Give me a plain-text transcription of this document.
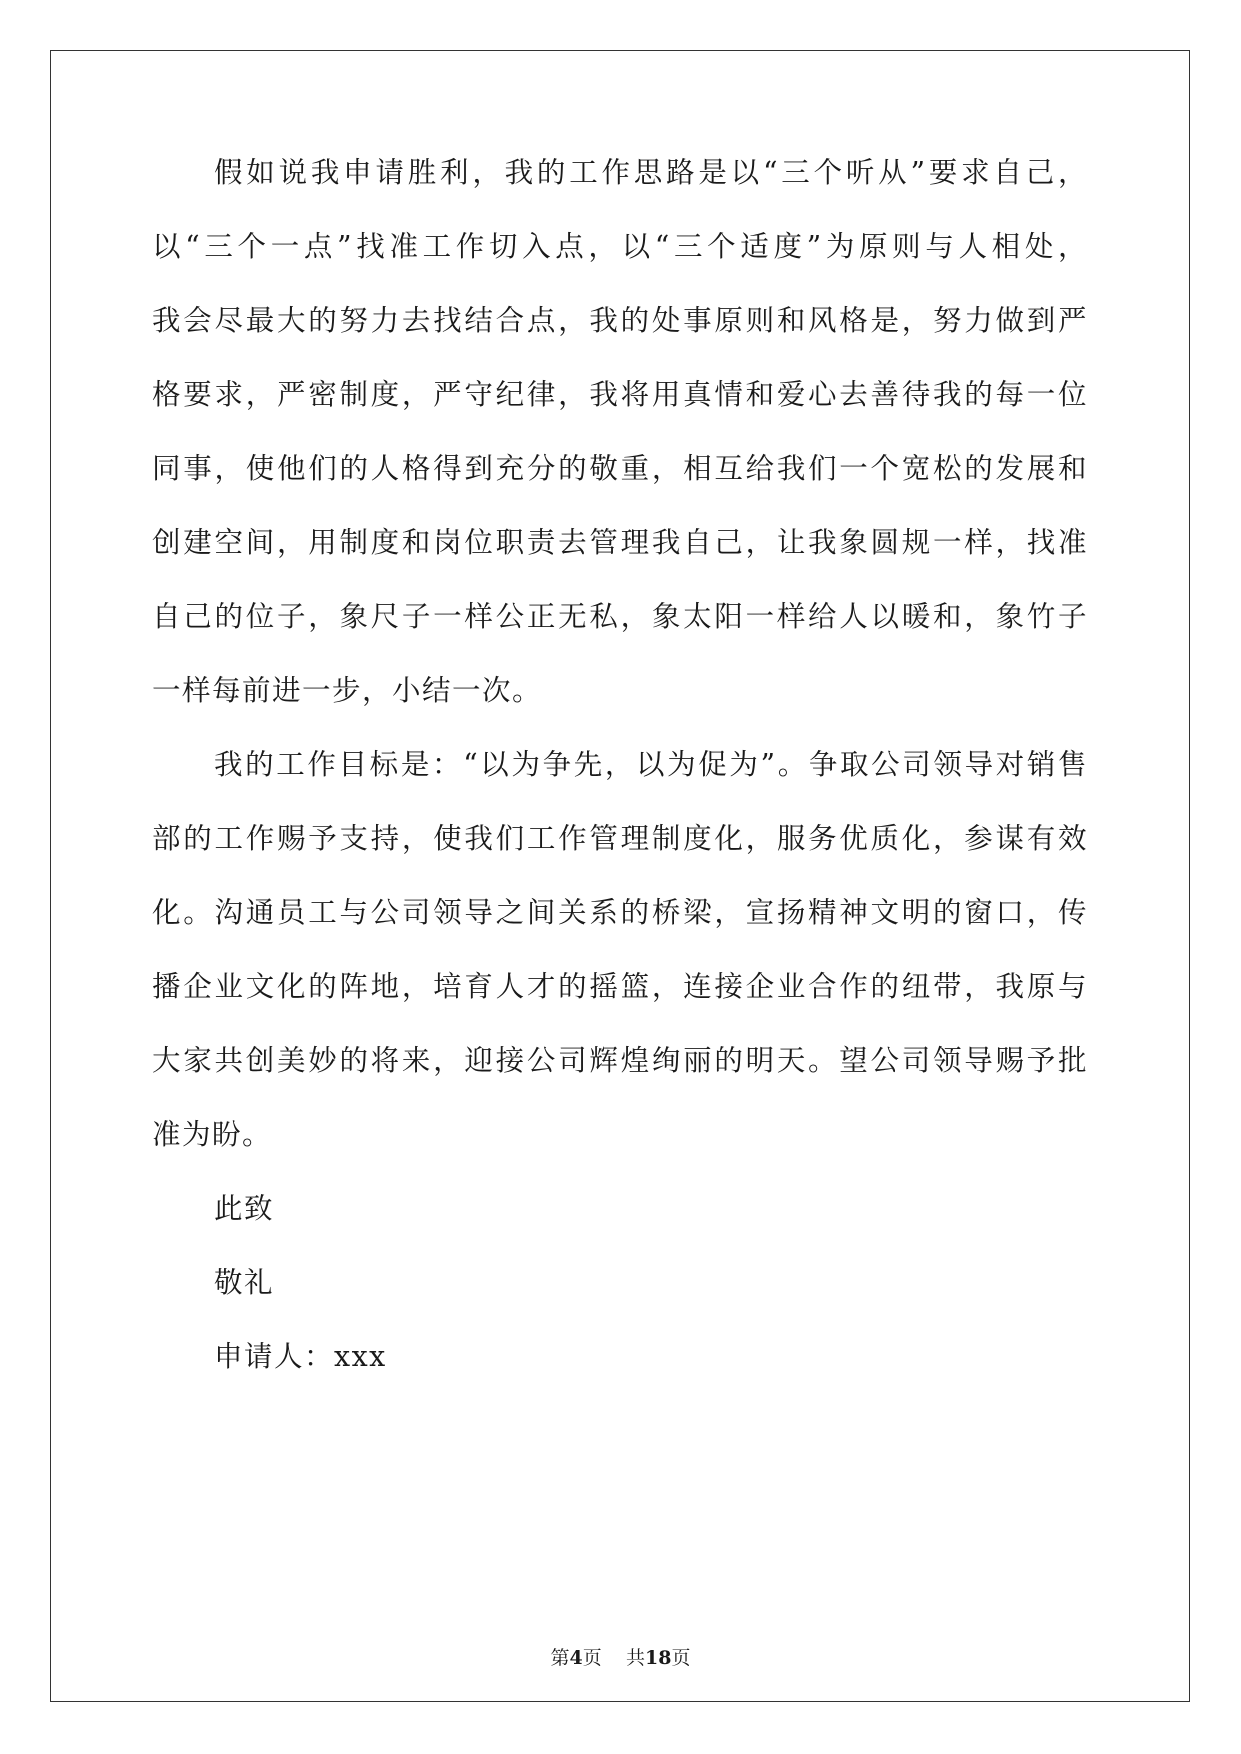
假如说我申请胜利，我的工作思路是以“三个听从”要求自己，
以“三个一点”找准工作切入点，以“三个适度”为原则与人相处，
我会尽最大的努力去找结合点，我的处事原则和风格是，努力做到严
格要求，严密制度，严守纪律，我将用真情和爱心去善待我的每一位
同事，使他们的人格得到充分的敬重，相互给我们一个宽松的发展和
创建空间，用制度和岗位职责去管理我自己，让我象圆规一样，找准
自己的位子，象尺子一样公正无私，象太阳一样给人以暖和，象竹子
一样每前进一步，小结一次。
我的工作目标是：“以为争先，以为促为”。争取公司领导对销售
部的工作赐予支持，使我们工作管理制度化，服务优质化，参谋有效
化。沟通员工与公司领导之间关系的桥梁，宣扬精神文明的窗口，传
播企业文化的阵地，培育人才的摇篮，连接企业合作的纽带，我原与
大家共创美妙的将来，迎接公司辉煌绚丽的明天。望公司领导赐予批
准为盼。
此致
敬礼
申请人：xxx
第4页 共18页
